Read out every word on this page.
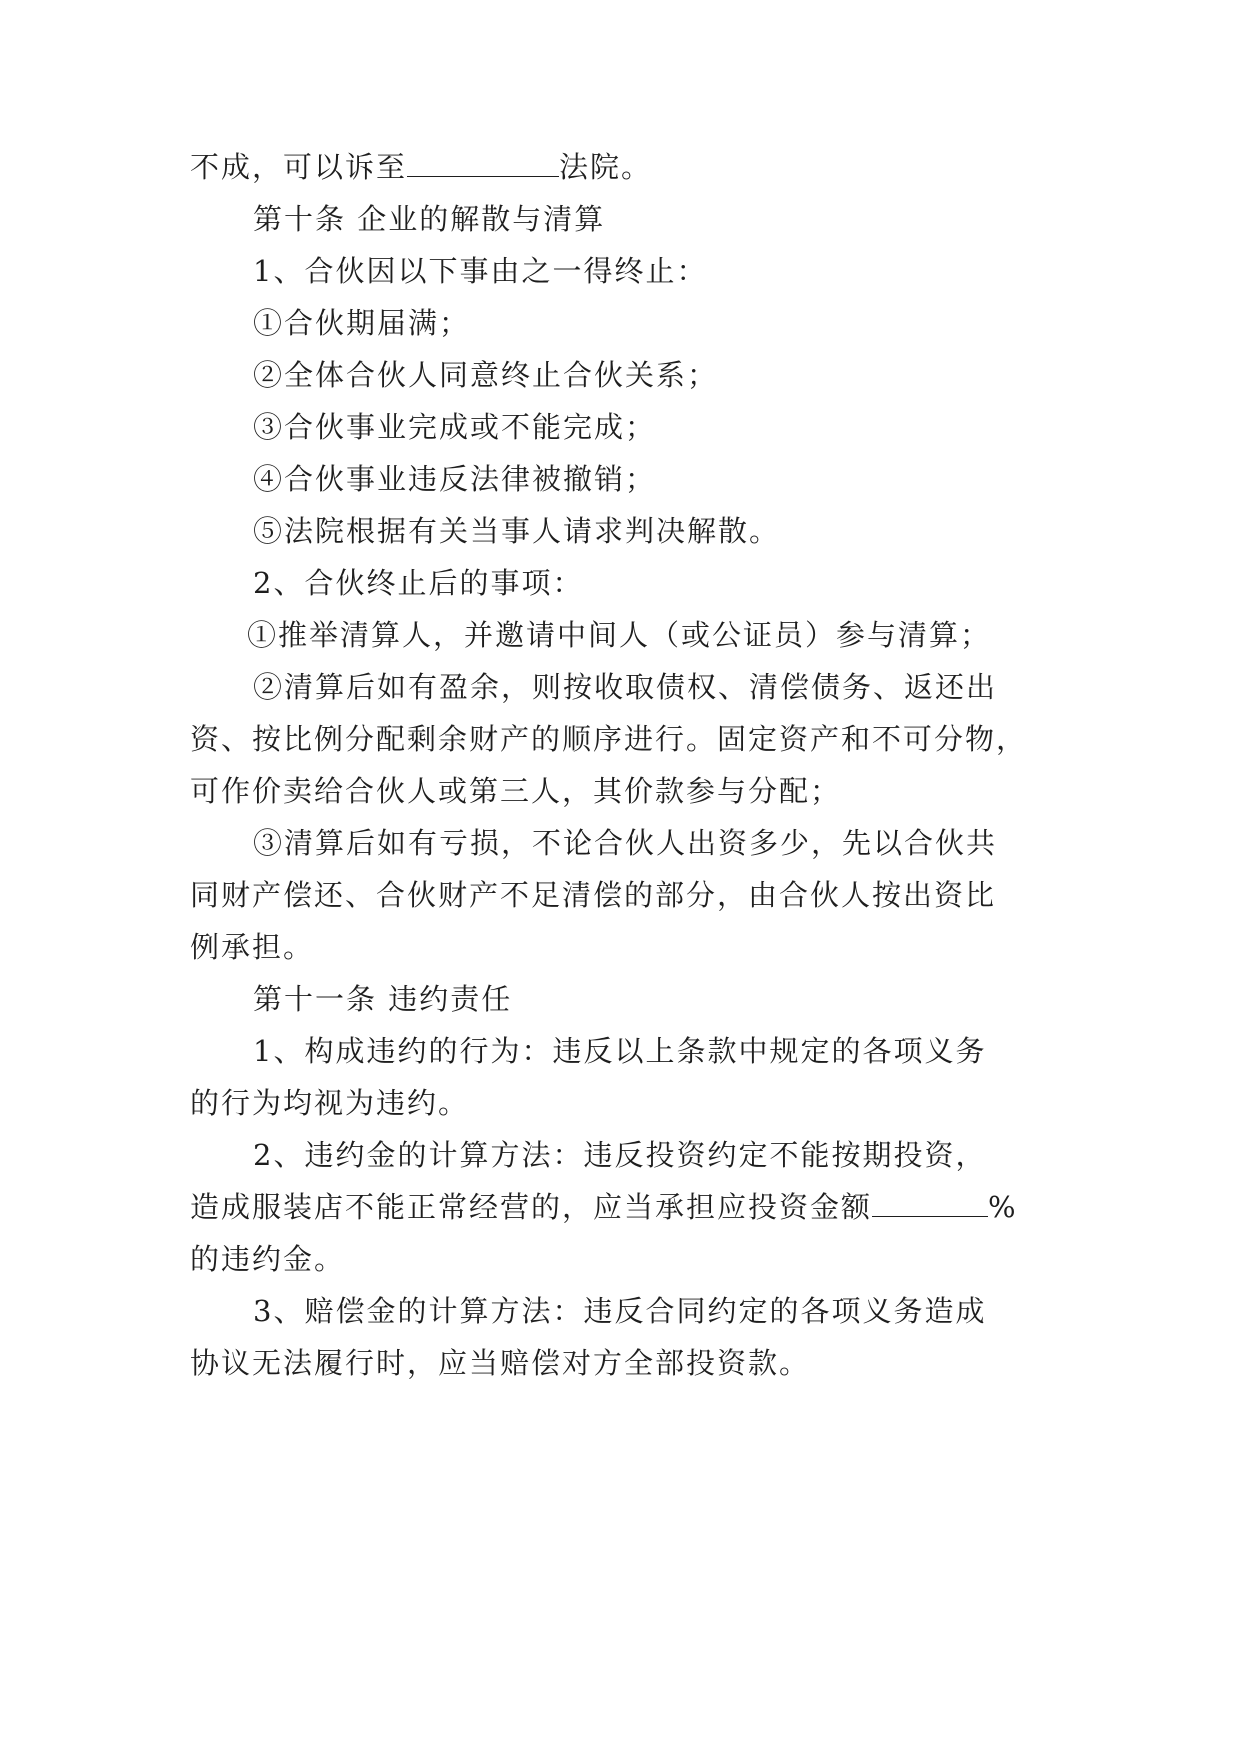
不成，可以诉至	法院。
第十条 企业的解散与清算
1、合伙因以下事由之一得终止：
①合伙期届满；
②全体合伙人同意终止合伙关系；
③合伙事业完成或不能完成；
④合伙事业违反法律被撤销；
⑤法院根据有关当事人请求判决解散。
2、合伙终止后的事项：
①推举清算人，并邀请中间人（或公证员）参与清算；
②清算后如有盈余，则按收取债权、清偿债务、返还出
资、按比例分配剩余财产的顺序进行。固定资产和不可分物，
可作价卖给合伙人或第三人，其价款参与分配；
③清算后如有亏损，不论合伙人出资多少，先以合伙共
同财产偿还、合伙财产不足清偿的部分，由合伙人按出资比
例承担。
第十一条 违约责任
1、构成违约的行为：违反以上条款中规定的各项义务
的行为均视为违约。
2、违约金的计算方法：违反投资约定不能按期投资，
造成服装店不能正常经营的，应当承担应投资金额	%
的违约金。
3、赔偿金的计算方法：违反合同约定的各项义务造成
协议无法履行时，应当赔偿对方全部投资款。
